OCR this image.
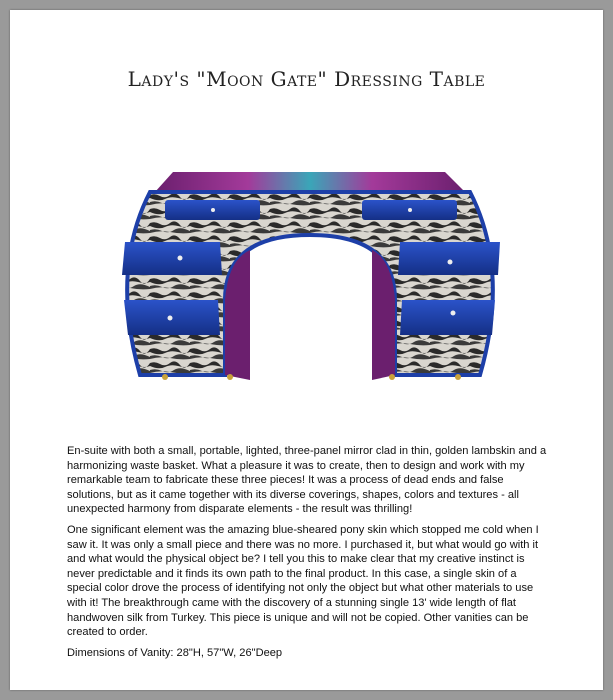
Lady's "Moon Gate" Dressing Table

En-suite with both a small, portable, lighted, three-panel mirror clad in thin, golden lambskin and a harmonizing waste basket. What a pleasure it was to create, then to design and work with my remarkable team to fabricate these three pieces! It was a process of dead ends and false solutions, but as it came together with its diverse coverings, shapes, colors and textures - all unexpected harmony from disparate elements - the result was thrilling!

One significant element was the amazing blue-sheared pony skin which stopped me cold when I saw it. It was only a small piece and there was no more. I purchased it, but what would go with it and what would the physical object be? I tell you this to make clear that my creative instinct is never predictable and it finds its own path to the final product. In this case, a single skin of a special color drove the process of identifying not only the object but what other materials to use with it! The breakthrough came with the discovery of a stunning single 13' wide length of flat handwoven silk from Turkey. This piece is unique and will not be copied. Other vanities can be created to order.

Dimensions of Vanity: 28"H, 57"W, 26"Deep
